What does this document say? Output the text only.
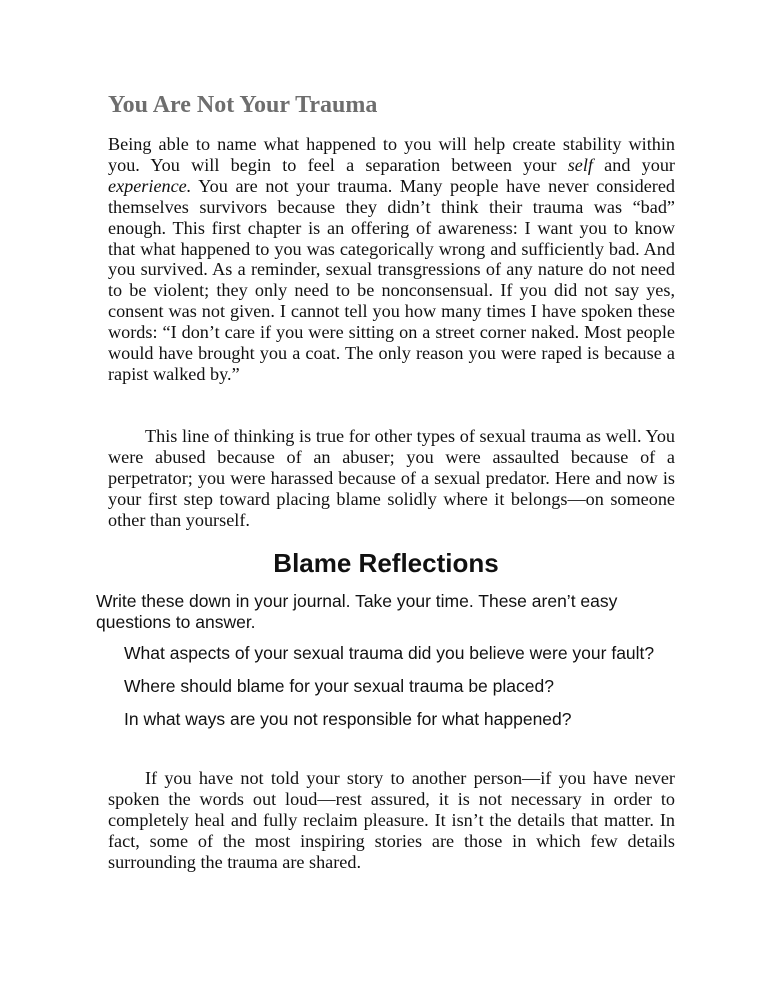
You Are Not Your Trauma

Being able to name what happened to you will help create stability within you. You will begin to feel a separation between your self and your experience. You are not your trauma. Many people have never considered themselves survivors because they didn’t think their trauma was “bad” enough. This first chapter is an offering of awareness: I want you to know that what happened to you was categorically wrong and sufficiently bad. And you survived. As a reminder, sexual transgressions of any nature do not need to be violent; they only need to be nonconsensual. If you did not say yes, consent was not given. I cannot tell you how many times I have spoken these words: “I don’t care if you were sitting on a street corner naked. Most people would have brought you a coat. The only reason you were raped is because a rapist walked by.”

This line of thinking is true for other types of sexual trauma as well. You were abused because of an abuser; you were assaulted because of a perpetrator; you were harassed because of a sexual predator. Here and now is your first step toward placing blame solidly where it belongs—on someone other than yourself.

Blame Reflections

Write these down in your journal. Take your time. These aren’t easy questions to answer.

What aspects of your sexual trauma did you believe were your fault?
Where should blame for your sexual trauma be placed?
In what ways are you not responsible for what happened?

If you have not told your story to another person—if you have never spoken the words out loud—rest assured, it is not necessary in order to completely heal and fully reclaim pleasure. It isn’t the details that matter. In fact, some of the most inspiring stories are those in which few details surrounding the trauma are shared.
